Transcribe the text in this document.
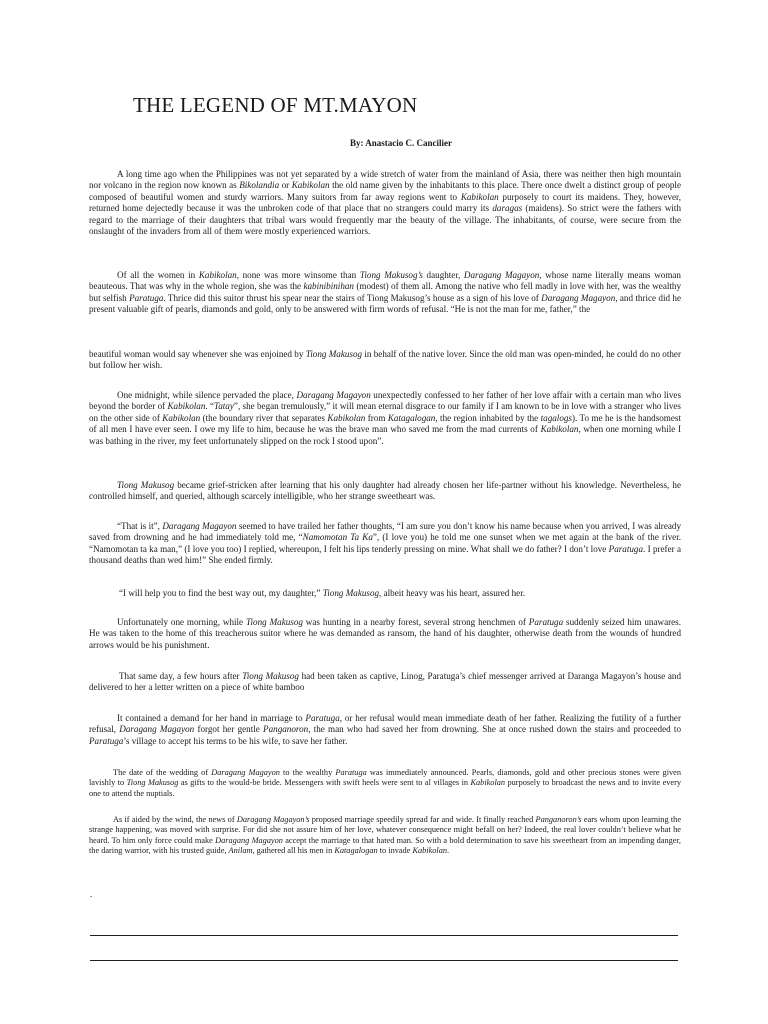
THE LEGEND OF MT.MAYON
By: Anastacio C. Cancilier
A long time ago when the Philippines was not yet separated by a wide stretch of water from the mainland of Asia, there was neither then high mountain nor volcano in the region now known as Bikolandia or Kabikolan the old name given by the inhabitants to this place. There once dwelt a distinct group of people composed of beautiful women and sturdy warriors. Many suitors from far away regions went to Kabikolan purposely to court its maidens. They, however, returned home dejectedly because it was the unbroken code of that place that no strangers could marry its daragas (maidens). So strict were the fathers with regard to the marriage of their daughters that tribal wars would frequently mar the beauty of the village. The inhabitants, of course, were secure from the onslaught of the invaders from all of them were mostly experienced warriors.
Of all the women in Kabikolan, none was more winsome than Tiong Makusog’s daughter, Daragang Magayon, whose name literally means woman beauteous. That was why in the whole region, she was the kabinibinihan (modest) of them all. Among the native who fell madly in love with her, was the wealthy but selfish Paratuga. Thrice did this suitor thrust his spear near the stairs of Tiong Makusog’s house as a sign of his love of Daragang Magayon, and thrice did he present valuable gift of pearls, diamonds and gold, only to be answered with firm words of refusal. “He is not the man for me, father,” the
beautiful woman would say whenever she was enjoined by Tiong Makusog in behalf of the native lover. Since the old man was open-minded, he could do no other but follow her wish.
One midnight, while silence pervaded the place, Daragang Magayon unexpectedly confessed to her father of her love affair with a certain man who lives beyond the border of Kabikolan. “Tatay”, she began tremulously,” it will mean eternal disgrace to our family if I am known to be in love with a stranger who lives on the other side of Kabikolan (the boundary river that separates Kabikolan from Katagalogan, the region inhabited by the tagalogs). To me he is the handsomest of all men I have ever seen. I owe my life to him, because he was the brave man who saved me from the mad currents of Kabikolan, when one morning while I was bathing in the river, my feet unfortunately slipped on the rock I stood upon”.
Tiong Makusog became grief-stricken after learning that his only daughter had already chosen her life-partner without his knowledge. Nevertheless, he controlled himself, and queried, although scarcely intelligible, who her strange sweetheart was.
“That is it”, Daragang Magayon seemed to have trailed her father thoughts, “I am sure you don’t know his name because when you arrived, I was already saved from drowning and he had immediately told me, “Namomotan Ta Ka”, (I love you) he told me one sunset when we met again at the bank of the river. “Namomotan ta ka man,” (I love you too) I replied, whereupon, I felt his lips tenderly pressing on mine. What shall we do father? I don’t love Paratuga. I prefer a thousand deaths than wed him!” She ended firmly.
“I will help you to find the best way out, my daughter,” Tiong Makusog, albeit heavy was his heart, assured her.
Unfortunately one morning, while Tiong Makusog was hunting in a nearby forest, several strong henchmen of Paratuga suddenly seized him unawares. He was taken to the home of this treacherous suitor where he was demanded as ransom, the hand of his daughter, otherwise death from the wounds of hundred arrows would be his punishment.
That same day, a few hours after Tiong Makusog had been taken as captive, Linog, Paratuga’s chief messenger arrived at Daranga Magayon’s house and delivered to her a letter written on a piece of white bamboo
It contained a demand for her hand in marriage to Paratuga, or her refusal would mean immediate death of her father. Realizing the futility of a further refusal, Daragang Magayon forgot her gentle Panganoron, the man who had saved her from drowning. She at once rushed down the stairs and proceeded to Paratuga’s village to accept his terms to be his wife, to save her father.
The date of the wedding of Daragang Magayon to the wealthy Paratuga was immediately announced. Pearls, diamonds, gold and other precious stones were given lavishly to Tiong Makusog as gifts to the would-be bride. Messengers with swift heels were sent to al villages in Kabikolan purposely to broadcast the news and to invite every one to attend the nuptials.
As if aided by the wind, the news of Daragang Magayon’s proposed marriage speedily spread far and wide. It finally reached Panganoron’s ears whom upon learning the strange happening, was moved with surprise. For did she not assure him of her love, whatever consequence might befall on her? Indeed, the real lover couldn’t believe what he heard. To him only force could make Daragang Magayon accept the marriage to that hated man. So with a bold determination to save his sweetheart from an impending danger, the daring warrior, with his trusted guide, Anilam, gathered all his men in Katagalogan to invade Kabikolan.
.
